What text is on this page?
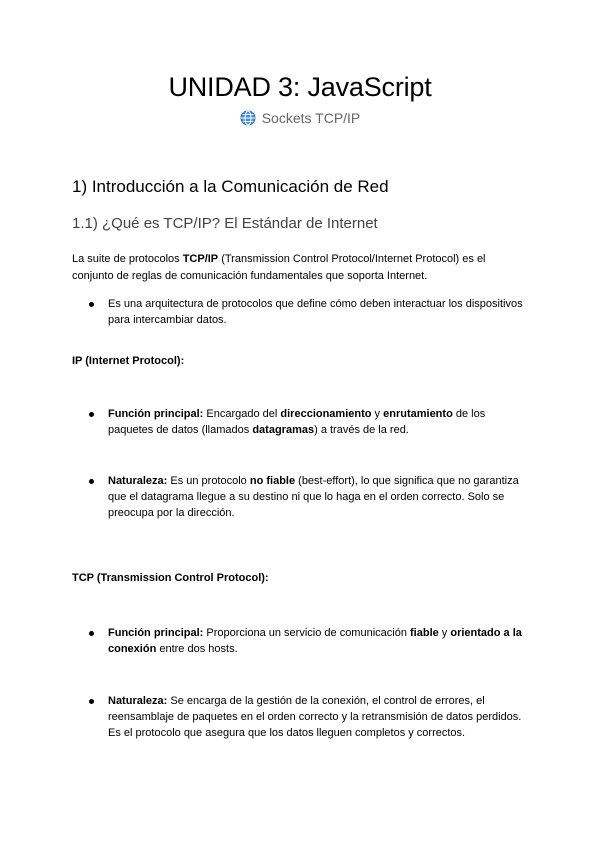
UNIDAD 3: JavaScript
Sockets TCP/IP
1) Introducción a la Comunicación de Red
1.1) ¿Qué es TCP/IP? El Estándar de Internet
La suite de protocolos TCP/IP (Transmission Control Protocol/Internet Protocol) es el conjunto de reglas de comunicación fundamentales que soporta Internet.
Es una arquitectura de protocolos que define cómo deben interactuar los dispositivos para intercambiar datos.
IP (Internet Protocol):
Función principal: Encargado del direccionamiento y enrutamiento de los paquetes de datos (llamados datagramas) a través de la red.
Naturaleza: Es un protocolo no fiable (best-effort), lo que significa que no garantiza que el datagrama llegue a su destino ni que lo haga en el orden correcto. Solo se preocupa por la dirección.
TCP (Transmission Control Protocol):
Función principal: Proporciona un servicio de comunicación fiable y orientado a la conexión entre dos hosts.
Naturaleza: Se encarga de la gestión de la conexión, el control de errores, el reensamblaje de paquetes en el orden correcto y la retransmisión de datos perdidos. Es el protocolo que asegura que los datos lleguen completos y correctos.
